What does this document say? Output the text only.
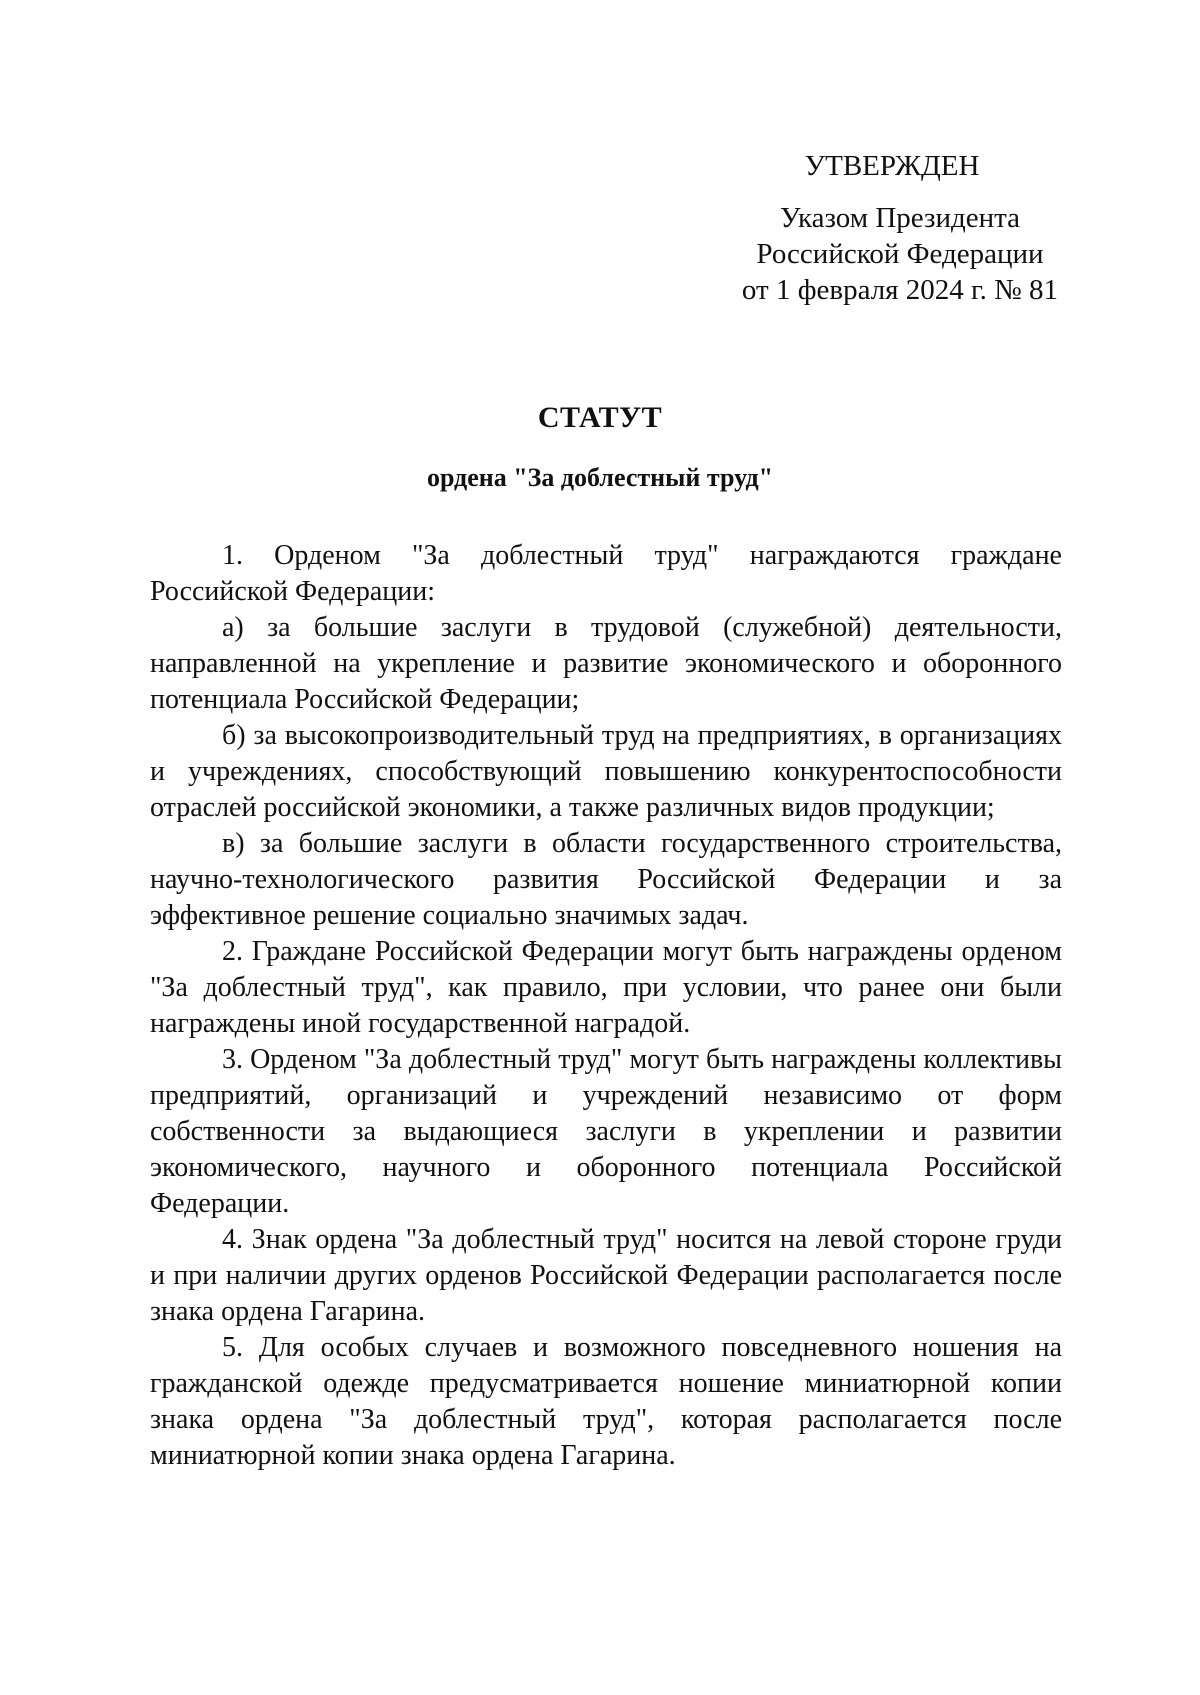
УТВЕРЖДЕН
Указом Президента
Российской Федерации
от 1 февраля 2024 г. № 81
СТАТУТ
ордена "За доблестный труд"

1. Орденом "За доблестный труд" награждаются граждане Российской Федерации:

а) за большие заслуги в трудовой (служебной) деятельности, направленной на укрепление и развитие экономического и оборонного потенциала Российской Федерации;

б) за высокопроизводительный труд на предприятиях, в организациях и учреждениях, способствующий повышению конкурентоспособности отраслей российской экономики, а также различных видов продукции;

в) за большие заслуги в области государственного строительства, научно-технологического развития Российской Федерации и за эффективное решение социально значимых задач.

2. Граждане Российской Федерации могут быть награждены орденом "За доблестный труд", как правило, при условии, что ранее они были награждены иной государственной наградой.

3. Орденом "За доблестный труд" могут быть награждены коллективы предприятий, организаций и учреждений независимо от форм собственности за выдающиеся заслуги в укреплении и развитии экономического, научного и оборонного потенциала Российской Федерации.

4. Знак ордена "За доблестный труд" носится на левой стороне груди и при наличии других орденов Российской Федерации располагается после знака ордена Гагарина.

5. Для особых случаев и возможного повседневного ношения на гражданской одежде предусматривается ношение миниатюрной копии знака ордена "За доблестный труд", которая располагается после миниатюрной копии знака ордена Гагарина.
